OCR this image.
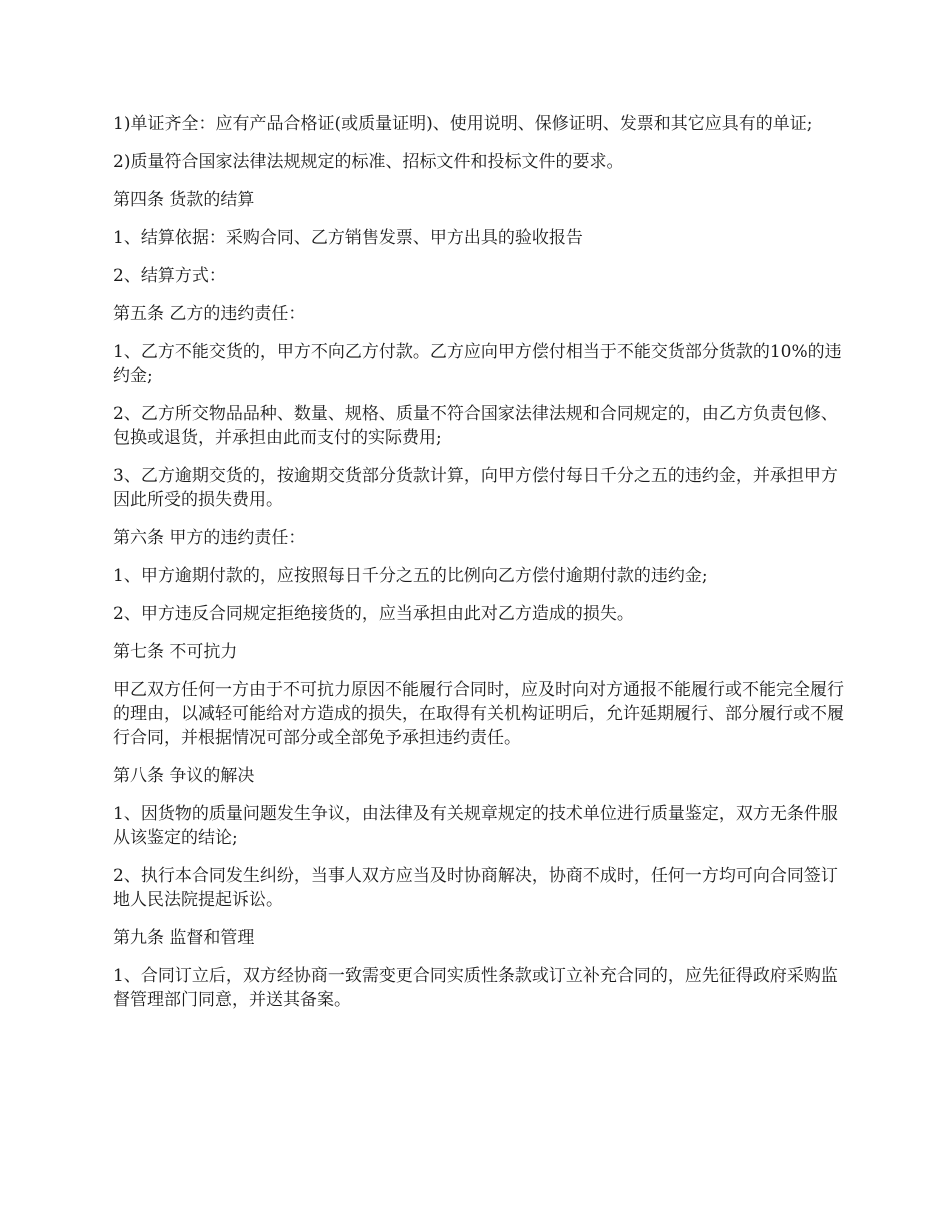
1)单证齐全：应有产品合格证(或质量证明)、使用说明、保修证明、发票和其它应具有的单证;

2)质量符合国家法律法规规定的标准、招标文件和投标文件的要求。

第四条 货款的结算

1、结算依据：采购合同、乙方销售发票、甲方出具的验收报告

2、结算方式：

第五条 乙方的违约责任：

1、乙方不能交货的，甲方不向乙方付款。乙方应向甲方偿付相当于不能交货部分货款的10%的违约金;

2、乙方所交物品品种、数量、规格、质量不符合国家法律法规和合同规定的，由乙方负责包修、包换或退货，并承担由此而支付的实际费用;

3、乙方逾期交货的，按逾期交货部分货款计算，向甲方偿付每日千分之五的违约金，并承担甲方因此所受的损失费用。

第六条 甲方的违约责任：

1、甲方逾期付款的，应按照每日千分之五的比例向乙方偿付逾期付款的违约金;

2、甲方违反合同规定拒绝接货的，应当承担由此对乙方造成的损失。

第七条 不可抗力

甲乙双方任何一方由于不可抗力原因不能履行合同时，应及时向对方通报不能履行或不能完全履行的理由，以减轻可能给对方造成的损失，在取得有关机构证明后，允许延期履行、部分履行或不履行合同，并根据情况可部分或全部免予承担违约责任。

第八条 争议的解决

1、因货物的质量问题发生争议，由法律及有关规章规定的技术单位进行质量鉴定，双方无条件服从该鉴定的结论;

2、执行本合同发生纠纷，当事人双方应当及时协商解决，协商不成时，任何一方均可向合同签订地人民法院提起诉讼。

第九条 监督和管理

1、合同订立后，双方经协商一致需变更合同实质性条款或订立补充合同的，应先征得政府采购监督管理部门同意，并送其备案。
